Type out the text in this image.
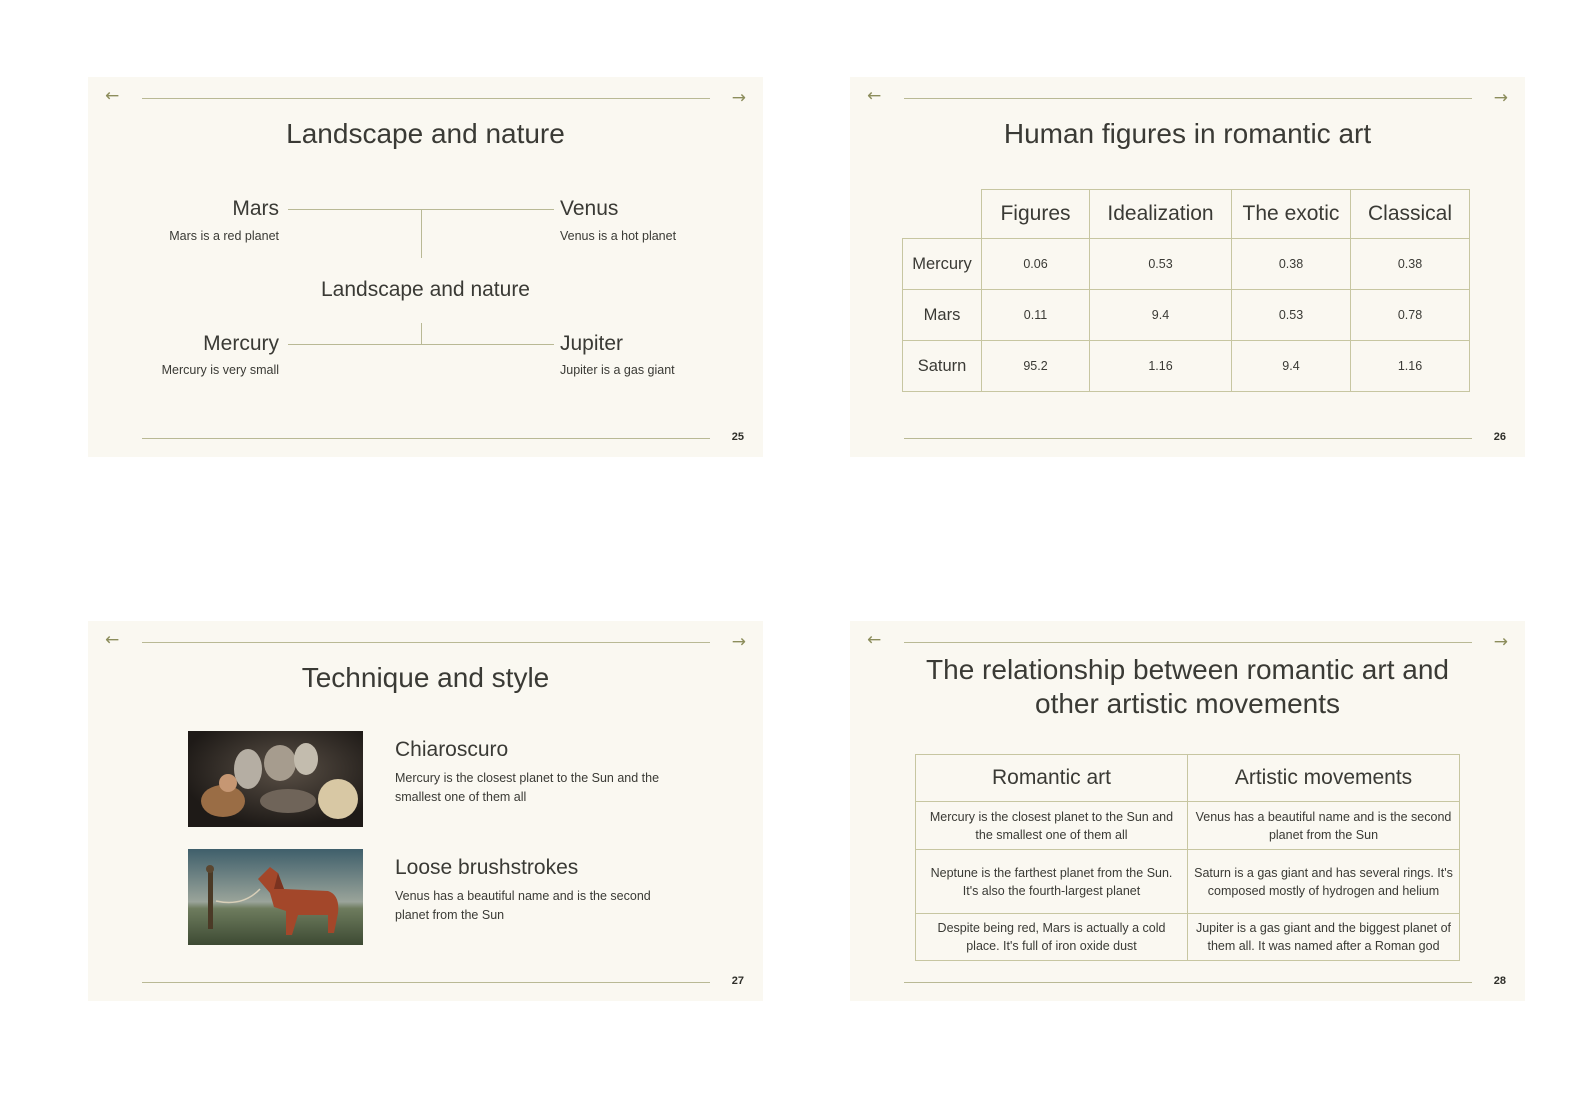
←	→
Landscape and nature
Mars
Mars is a red planet
Venus
Venus is a hot planet
Landscape and nature
Mercury
Mercury is very small
Jupiter
Jupiter is a gas giant
25
←	→
Human figures in romantic art
	Figures	Idealization	The exotic	Classical
Mercury	0.06	0.53	0.38	0.38
Mars	0.11	9.4	0.53	0.78
Saturn	95.2	1.16	9.4	1.16
26
←	→
Technique and style
Chiaroscuro
Mercury is the closest planet to the Sun and the smallest one of them all
Loose brushstrokes
Venus has a beautiful name and is the second planet from the Sun
27
←	→
The relationship between romantic art and
other artistic movements
Romantic art	Artistic movements
Mercury is the closest planet to the Sun and the smallest one of them all	Venus has a beautiful name and is the second planet from the Sun
Neptune is the farthest planet from the Sun. It's also the fourth-largest planet	Saturn is a gas giant and has several rings. It's composed mostly of hydrogen and helium
Despite being red, Mars is actually a cold place. It's full of iron oxide dust	Jupiter is a gas giant and the biggest planet of them all. It was named after a Roman god
28
